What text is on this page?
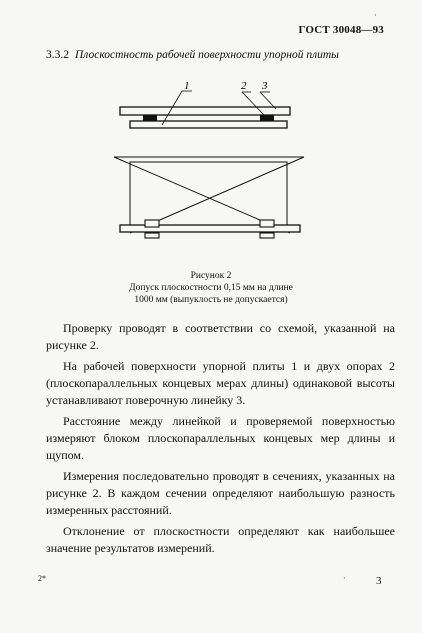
·
ГОСТ 30048—93
3.3.2 Плоскостность рабочей поверхности упорной плиты
1	2 3
Рисунок 2
Допуск плоскостности 0,15 мм на длине
1000 мм (выпуклость не допускается)

Проверку проводят в соответствии со схемой, указанной на рисунке 2.

На рабочей поверхности упорной плиты 1 и двух опорах 2 (плоскопараллельных концевых мерах длины) одинаковой высоты устанавливают поверочную линейку 3.

Расстояние между линейкой и проверяемой поверхностью измеряют блоком плоскопараллельных концевых мер длины и щупом.

Измерения последовательно проводят в сечениях, указанных на рисунке 2. В каждом сечении определяют наибольшую разность измеренных расстояний.

Отклонение от плоскостности определяют как наибольшее значение результатов измерений.

2*	·	3
